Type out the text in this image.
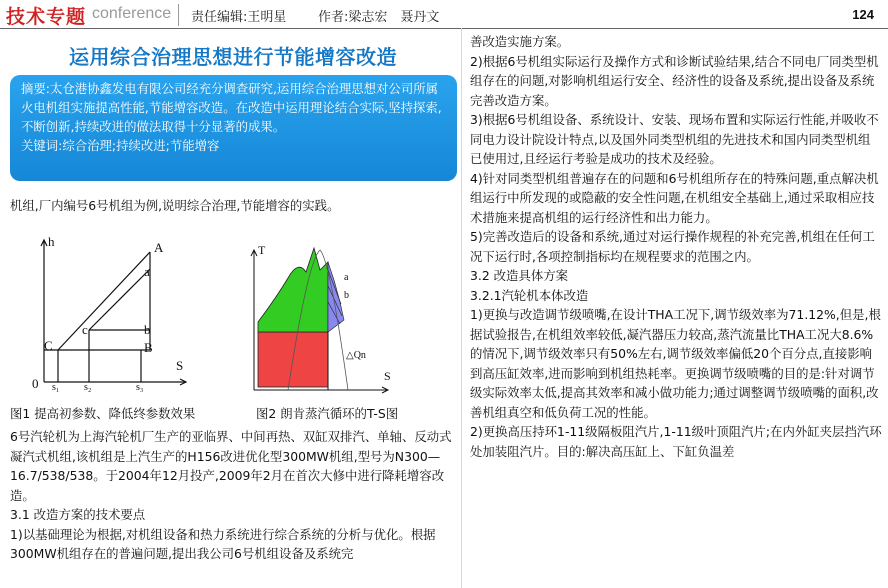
技术专题 conference 责任编辑:王明星 作者:梁志宏　聂丹文	124
运用综合治理思想进行节能增容改造

摘要:太仓港协鑫发电有限公司经充分调查研究,运用综合治理思想对公司所属火电机组实施提高性能,节能增容改造。在改造中运用理论结合实际,坚持探索,不断创新,持续改进的做法取得十分显著的成果。

关键词:综合治理;持续改进;节能增容

机组,厂内编号6号机组为例,说明综合治理,节能增容的实践。

h
S
0
A
a
b
B
c
C
s₁ s₂	s₃
T
S
a
b
△Qn
图1 提高初参数、降低终参数效果	图2 朗肯蒸汽循环的T-S图

6号汽轮机为上海汽轮机厂生产的亚临界、中间再热、双缸双排汽、单轴、反动式凝汽式机组,该机组是上汽生产的H156改进优化型300MW机组,型号为N300—16.7/538/538。于2004年12月投产,2009年2月在首次大修中进行降耗增容改造。

3.1 改造方案的技术要点

1)以基础理论为根据,对机组设备和热力系统进行综合系统的分析与优化。根据300MW机组存在的普遍问题,提出我公司6号机组设备及系统完

善改造实施方案。

2)根据6号机组实际运行及操作方式和诊断试验结果,结合不同电厂同类型机组存在的问题,对影响机组运行安全、经济性的设备及系统,提出设备及系统完善改造方案。

3)根据6号机组设备、系统设计、安装、现场布置和实际运行性能,并吸收不同电力设计院设计特点,以及国外同类型机组的先进技术和国内同类型机组已使用过,且经运行考验是成功的技术及经验。

4)针对同类型机组普遍存在的问题和6号机组所存在的特殊问题,重点解决机组运行中所发现的或隐蔽的安全性问题,在机组安全基础上,通过采取相应技术措施来提高机组的运行经济性和出力能力。

5)完善改造后的设备和系统,通过对运行操作规程的补充完善,机组在任何工况下运行时,各项控制指标均在规程要求的范围之内。

3.2 改造具体方案

3.2.1汽轮机本体改造

1)更换与改造调节级喷嘴,在设计THA工况下,调节级效率为71.12%,但是,根据试验报告,在机组效率较低,凝汽器压力较高,蒸汽流量比THA工况大8.6%的情况下,调节级效率只有50%左右,调节级效率偏低20个百分点,直接影响到高压缸效率,进而影响到机组热耗率。更换调节级喷嘴的目的是:针对调节级实际效率太低,提高其效率和减小做功能力;通过调整调节级喷嘴的面积,改善机组真空和低负荷工况的性能。

2)更换高压持环1-11级隔板阻汽片,1-11级叶顶阻汽片;在内外缸夹层挡汽环处加装阻汽片。目的:解决高压缸上、下缸负温差
